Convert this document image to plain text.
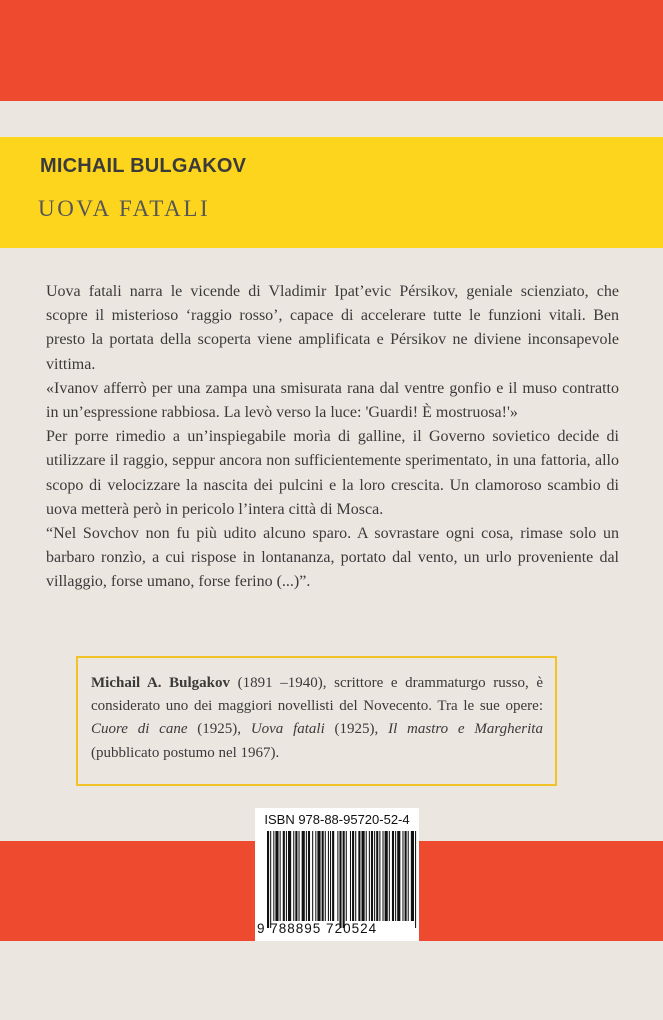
MICHAIL BULGAKOV
UOVA FATALI

Uova fatali narra le vicende di Vladimir Ipat’evic Pérsikov, geniale scienziato, che scopre il misterioso ‘raggio rosso’, capace di accelerare tutte le funzioni vitali. Ben presto la portata della scoperta viene amplificata e Pérsikov ne diviene inconsapevole vittima.

«Ivanov afferrò per una zampa una smisurata rana dal ventre gonfio e il muso contratto in un’espressione rabbiosa. La levò verso la luce: 'Guardi! È mostruosa!'»

Per porre rimedio a un’inspiegabile morìa di galline, il Governo sovietico decide di utilizzare il raggio, seppur ancora non sufficientemente sperimentato, in una fattoria, allo scopo di velocizzare la nascita dei pulcini e la loro crescita. Un clamoroso scambio di uova metterà però in pericolo l’intera città di Mosca.

“Nel Sovchov non fu più udito alcuno sparo. A sovrastare ogni cosa, rimase solo un barbaro ronzìo, a cui rispose in lontananza, portato dal vento, un urlo proveniente dal villaggio, forse umano, forse ferino (...)”.

Michail A. Bulgakov (1891 –1940), scrittore e drammaturgo russo, è considerato uno dei maggiori novellisti del Novecento. Tra le sue opere: Cuore di cane (1925), Uova fatali (1925), Il mastro e Margherita (pubblicato postumo nel 1967).

ISBN 978-88-95720-52-4
9 788895 720524
